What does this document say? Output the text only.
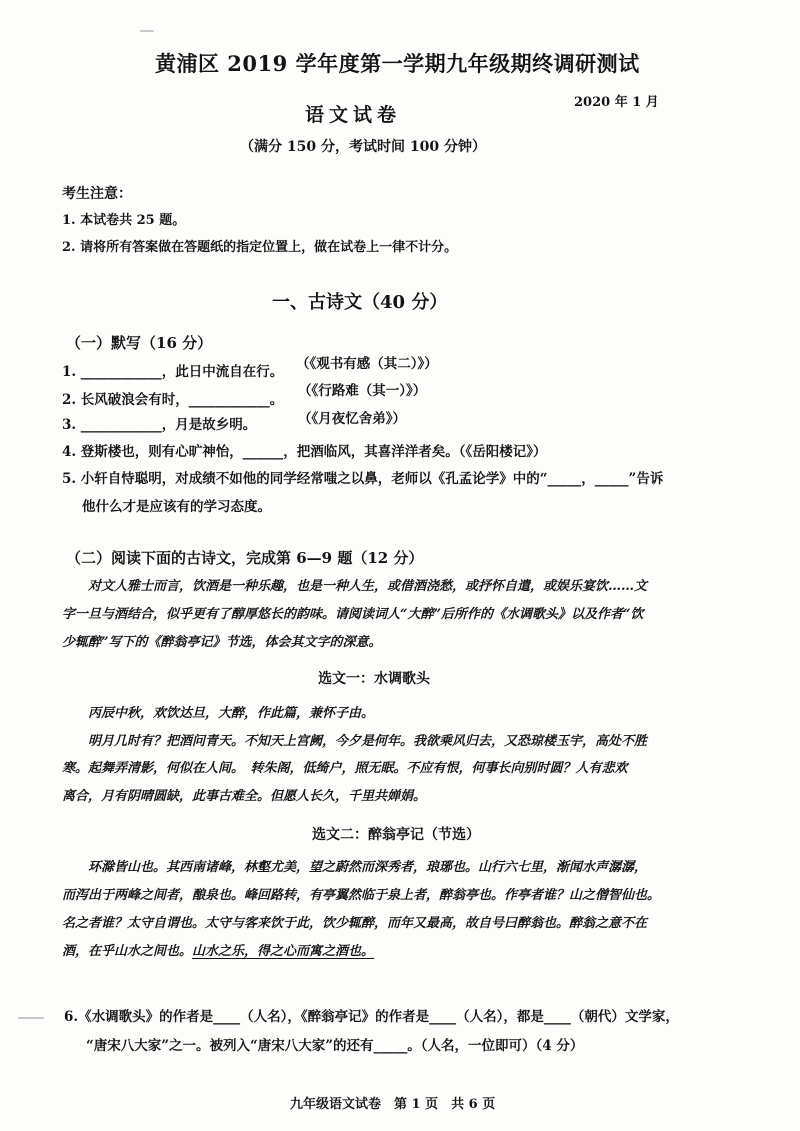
黄浦区 2019 学年度第一学期九年级期终调研测试
2020 年 1 月
语文试卷
（满分 150 分，考试时间 100 分钟）
考生注意：
1. 本试卷共 25 题。
2. 请将所有答案做在答题纸的指定位置上，做在试卷上一律不计分。
一、古诗文（40 分）
（一）默写（16 分）
1. ____________，此日中流自在行。 （《观书有感（其二）》）
2. 长风破浪会有时，____________。
（《行路难（其一）》）
3. ____________，月是故乡明。	（《月夜忆舍弟》）
4. 登斯楼也，则有心旷神怡，______，把酒临风，其喜洋洋者矣。（《岳阳楼记》）
5. 小轩自恃聪明，对成绩不如他的同学经常嗤之以鼻，老师以《孔孟论学》中的“_____，_____”告诉
他什么才是应该有的学习态度。
（二）阅读下面的古诗文，完成第 6—9 题（12 分）
对文人雅士而言，饮酒是一种乐趣，也是一种人生，或借酒浇愁，或抒怀自遣，或娱乐宴饮……文
字一旦与酒结合，似乎更有了醇厚悠长的韵味。请阅读词人“大醉”后所作的《水调歌头》以及作者“饮
少辄醉”写下的《醉翁亭记》节选，体会其文字的深意。
选文一：水调歌头
丙辰中秋，欢饮达旦，大醉，作此篇，兼怀子由。
明月几时有？把酒问青天。不知天上宫阙，今夕是何年。我欲乘风归去，又恐琼楼玉宇，高处不胜
寒。起舞弄清影，何似在人间。　转朱阁，低绮户，照无眠。不应有恨，何事长向别时圆？人有悲欢
离合，月有阴晴圆缺，此事古难全。但愿人长久，千里共婵娟。
选文二：醉翁亭记（节选）
环滁皆山也。其西南诸峰，林壑尤美，望之蔚然而深秀者，琅琊也。山行六七里，渐闻水声潺潺，
而泻出于两峰之间者，酿泉也。峰回路转，有亭翼然临于泉上者，醉翁亭也。作亭者谁？山之僧智仙也。
名之者谁？太守自谓也。太守与客来饮于此，饮少辄醉，而年又最高，故自号曰醉翁也。醉翁之意不在
酒，在乎山水之间也。山水之乐，得之心而寓之酒也。
6.《水调歌头》的作者是____（人名），《醉翁亭记》的作者是____（人名），都是____（朝代）文学家，
“唐宋八大家”之一。被列入“唐宋八大家”的还有_____。（人名，一位即可）（4 分）
九年级语文试卷　第 1 页　共 6 页
